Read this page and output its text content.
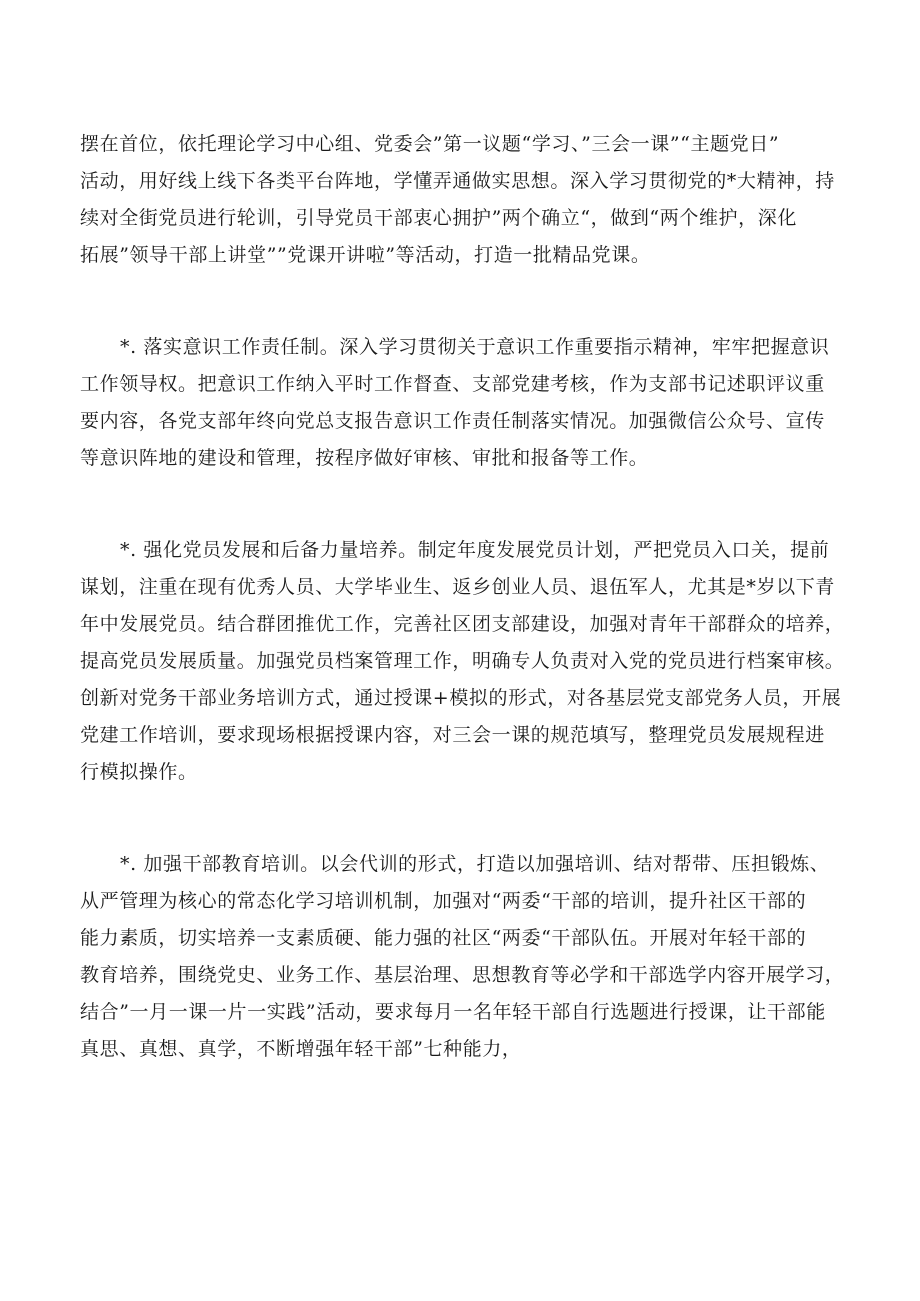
摆在首位，依托理论学习中心组、党委会”第一议题“学习、”三会一课”“主题党日”
活动，用好线上线下各类平台阵地，学懂弄通做实思想。深入学习贯彻党的*大精神，持
续对全街党员进行轮训，引导党员干部衷心拥护”两个确立“，做到“两个维护，深化
拓展”领导干部上讲堂””党课开讲啦”等活动，打造一批精品党课。
*. 落实意识工作责任制。深入学习贯彻关于意识工作重要指示精神，牢牢把握意识
工作领导权。把意识工作纳入平时工作督查、支部党建考核，作为支部书记述职评议重
要内容，各党支部年终向党总支报告意识工作责任制落实情况。加强微信公众号、宣传
等意识阵地的建设和管理，按程序做好审核、审批和报备等工作。
*. 强化党员发展和后备力量培养。制定年度发展党员计划，严把党员入口关，提前
谋划，注重在现有优秀人员、大学毕业生、返乡创业人员、退伍军人，尤其是*岁以下青
年中发展党员。结合群团推优工作，完善社区团支部建设，加强对青年干部群众的培养，
提高党员发展质量。加强党员档案管理工作，明确专人负责对入党的党员进行档案审核。
创新对党务干部业务培训方式，通过授课+模拟的形式，对各基层党支部党务人员，开展
党建工作培训，要求现场根据授课内容，对三会一课的规范填写，整理党员发展规程进
行模拟操作。
*. 加强干部教育培训。以会代训的形式，打造以加强培训、结对帮带、压担锻炼、
从严管理为核心的常态化学习培训机制，加强对“两委“干部的培训，提升社区干部的
能力素质，切实培养一支素质硬、能力强的社区“两委“干部队伍。开展对年轻干部的
教育培养，围绕党史、业务工作、基层治理、思想教育等必学和干部选学内容开展学习，
结合”一月一课一片一实践”活动，要求每月一名年轻干部自行选题进行授课，让干部能
真思、真想、真学，不断增强年轻干部”七种能力，
